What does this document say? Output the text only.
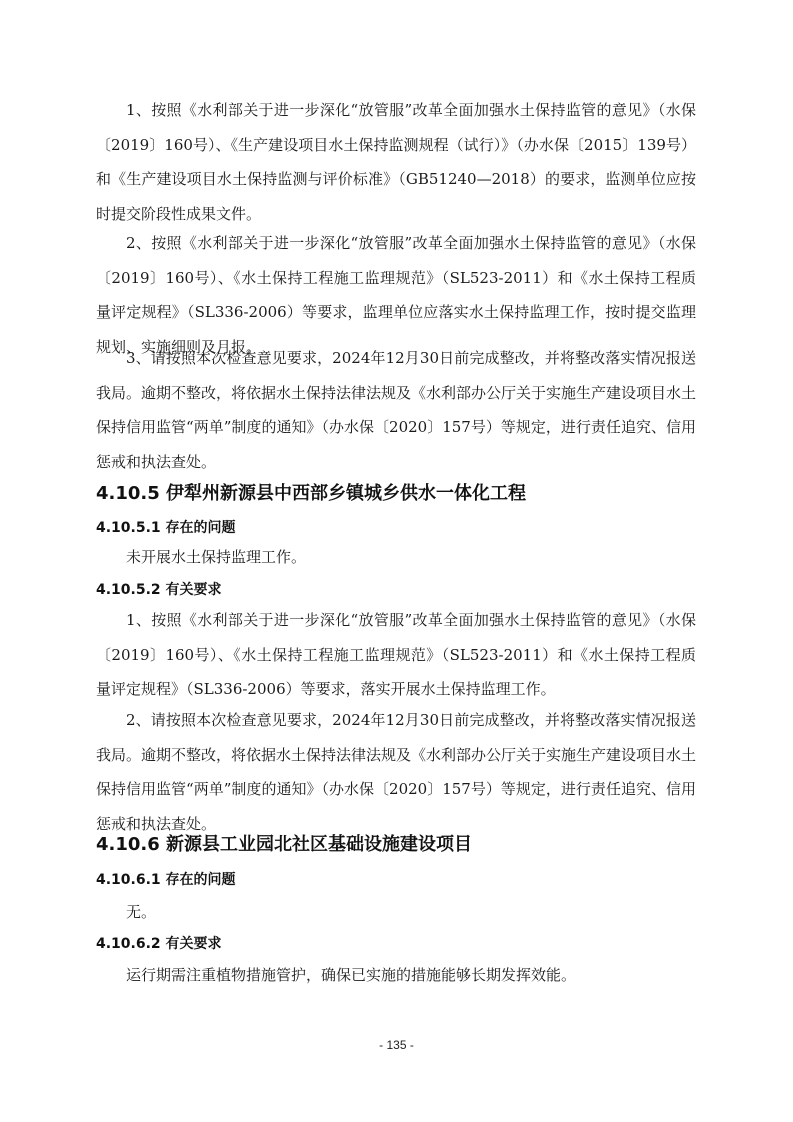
1、按照《水利部关于进一步深化“放管服”改革全面加强水土保持监管的意见》（水保〔2019〕160号）、《生产建设项目水土保持监测规程（试行）》（办水保〔2015〕139号）和《生产建设项目水土保持监测与评价标准》（GB51240—2018）的要求，监测单位应按时提交阶段性成果文件。

2、按照《水利部关于进一步深化“放管服”改革全面加强水土保持监管的意见》（水保〔2019〕160号）、《水土保持工程施工监理规范》（SL523-2011）和《水土保持工程质量评定规程》（SL336-2006）等要求，监理单位应落实水土保持监理工作，按时提交监理规划、实施细则及月报。

3、请按照本次检查意见要求，2024年12月30日前完成整改，并将整改落实情况报送我局。逾期不整改，将依据水土保持法律法规及《水利部办公厅关于实施生产建设项目水土保持信用监管“两单”制度的通知》（办水保〔2020〕157号）等规定，进行责任追究、信用惩戒和执法查处。

4.10.5 伊犁州新源县中西部乡镇城乡供水一体化工程
4.10.5.1 存在的问题

未开展水土保持监理工作。

4.10.5.2 有关要求

1、按照《水利部关于进一步深化“放管服”改革全面加强水土保持监管的意见》（水保〔2019〕160号）、《水土保持工程施工监理规范》（SL523-2011）和《水土保持工程质量评定规程》（SL336-2006）等要求，落实开展水土保持监理工作。

2、请按照本次检查意见要求，2024年12月30日前完成整改，并将整改落实情况报送我局。逾期不整改，将依据水土保持法律法规及《水利部办公厅关于实施生产建设项目水土保持信用监管“两单”制度的通知》（办水保〔2020〕157号）等规定，进行责任追究、信用惩戒和执法查处。

4.10.6 新源县工业园北社区基础设施建设项目
4.10.6.1 存在的问题

无。

4.10.6.2 有关要求

运行期需注重植物措施管护，确保已实施的措施能够长期发挥效能。

- 135 -
